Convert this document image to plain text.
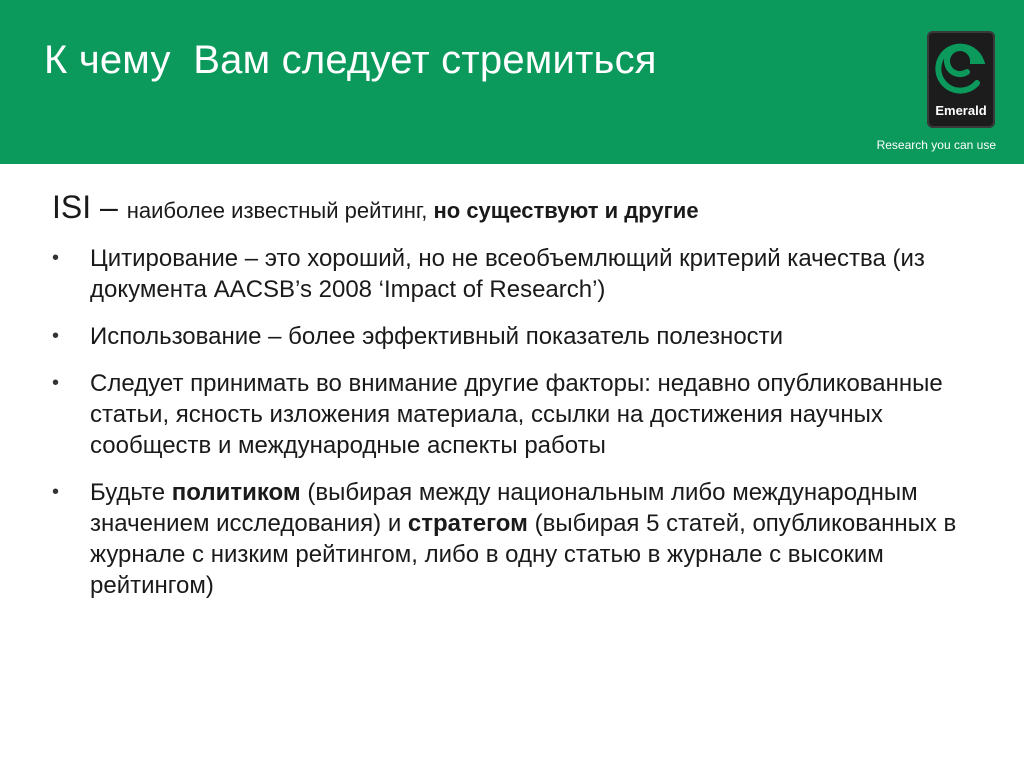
К чему  Вам следует стремиться
Emerald
Research you can use

ISI – наиболее известный рейтинг, но существуют и другие

• Цитирование – это хороший, но не всеобъемлющий критерий качества (из документа AACSB’s 2008 ‘Impact of Research’)
• Использование – более эффективный показатель полезности
• Следует принимать во внимание другие факторы: недавно опубликованные статьи, ясность изложения материала, ссылки на достижения научных сообществ и международные аспекты работы
• Будьте политиком (выбирая между национальным либо международным значением исследования) и стратегом (выбирая 5 статей, опубликованных в журнале с низким рейтингом, либо в одну статью в журнале с высоким рейтингом)
